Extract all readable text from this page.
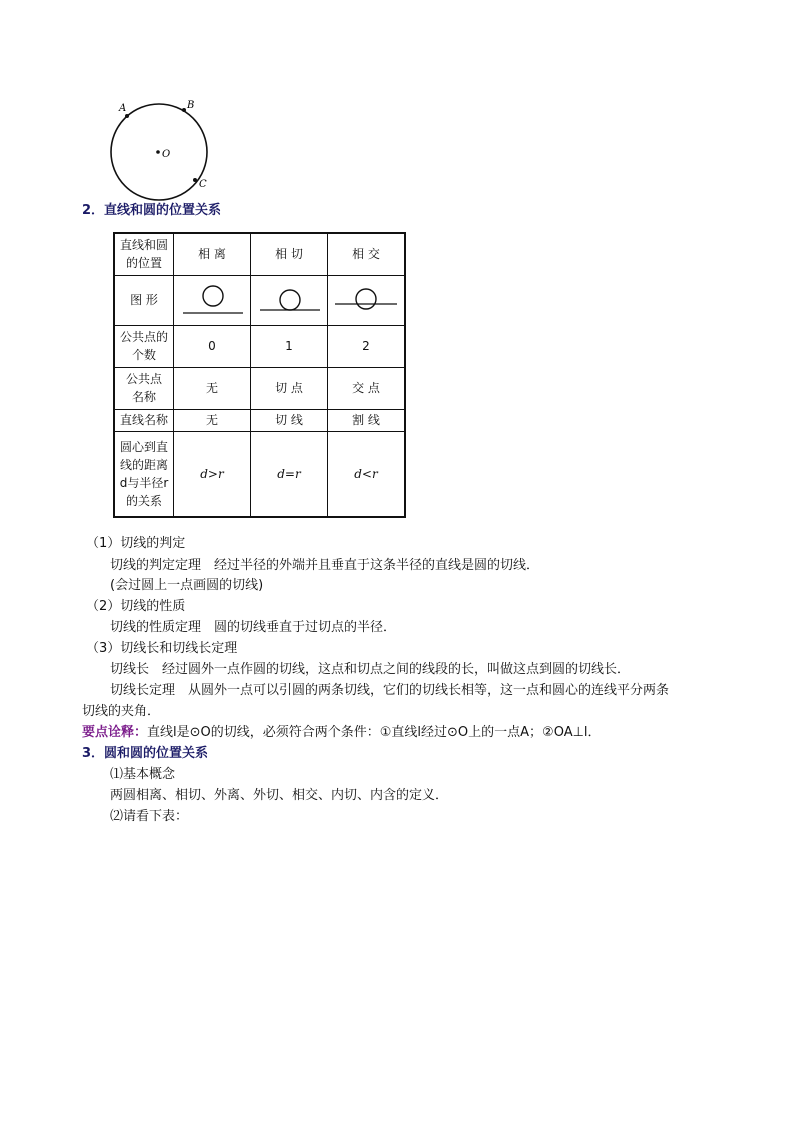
A	B
O
C
2．直线和圆的位置关系
直线和圆的位置	相 离	相 切	相 交
图 形	

公共点的个数	0	1	2

公共点名称	无	切 点	交 点
直线名称	无	切 线	割 线

圆心到直线的距离d与半径r的关系	d>r	d=r	d<r
（1）切线的判定
切线的判定定理　经过半径的外端并且垂直于这条半径的直线是圆的切线．
(会过圆上一点画圆的切线)
（2）切线的性质
切线的性质定理　圆的切线垂直于过切点的半径．
（3）切线长和切线长定理
切线长　经过圆外一点作圆的切线，这点和切点之间的线段的长，叫做这点到圆的切线长．
切线长定理　从圆外一点可以引圆的两条切线，它们的切线长相等，这一点和圆心的连线平分两条
切线的夹角．
要点诠释：直线l是⊙O的切线，必须符合两个条件：①直线l经过⊙O上的一点A；②OA⊥l．
3．圆和圆的位置关系
⑴基本概念
两圆相离、相切、外离、外切、相交、内切、内含的定义．
⑵请看下表：
